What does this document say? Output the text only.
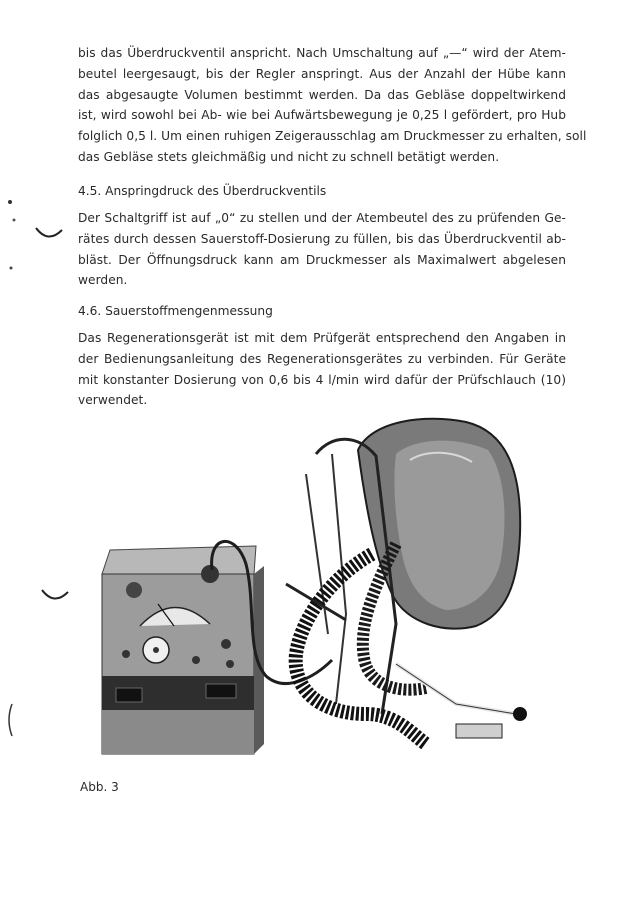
bis das Überdruckventil anspricht. Nach Umschaltung auf „—“ wird der Atem-
beutel leergesaugt, bis der Regler anspringt. Aus der Anzahl der Hübe kann
das abgesaugte Volumen bestimmt werden. Da das Gebläse doppeltwirkend
ist, wird sowohl bei Ab- wie bei Aufwärtsbewegung je 0,25 l gefördert, pro Hub
folglich 0,5 l. Um einen ruhigen Zeigerausschlag am Druckmesser zu erhalten, soll
das Gebläse stets gleichmäßig und nicht zu schnell betätigt werden.
4.5. Anspringdruck des Überdruckventils
Der Schaltgriff ist auf „0“ zu stellen und der Atembeutel des zu prüfenden Ge-
rätes durch dessen Sauerstoff-Dosierung zu füllen, bis das Überdruckventil ab-
bläst. Der Öffnungsdruck kann am Druckmesser als Maximalwert abgelesen
werden.
4.6. Sauerstoffmengenmessung
Das Regenerationsgerät ist mit dem Prüfgerät entsprechend den Angaben in
der Bedienungsanleitung des Regenerationsgerätes zu verbinden. Für Geräte
mit konstanter Dosierung von 0,6 bis 4 l/min wird dafür der Prüfschlauch (10)
verwendet.
Abb. 3
